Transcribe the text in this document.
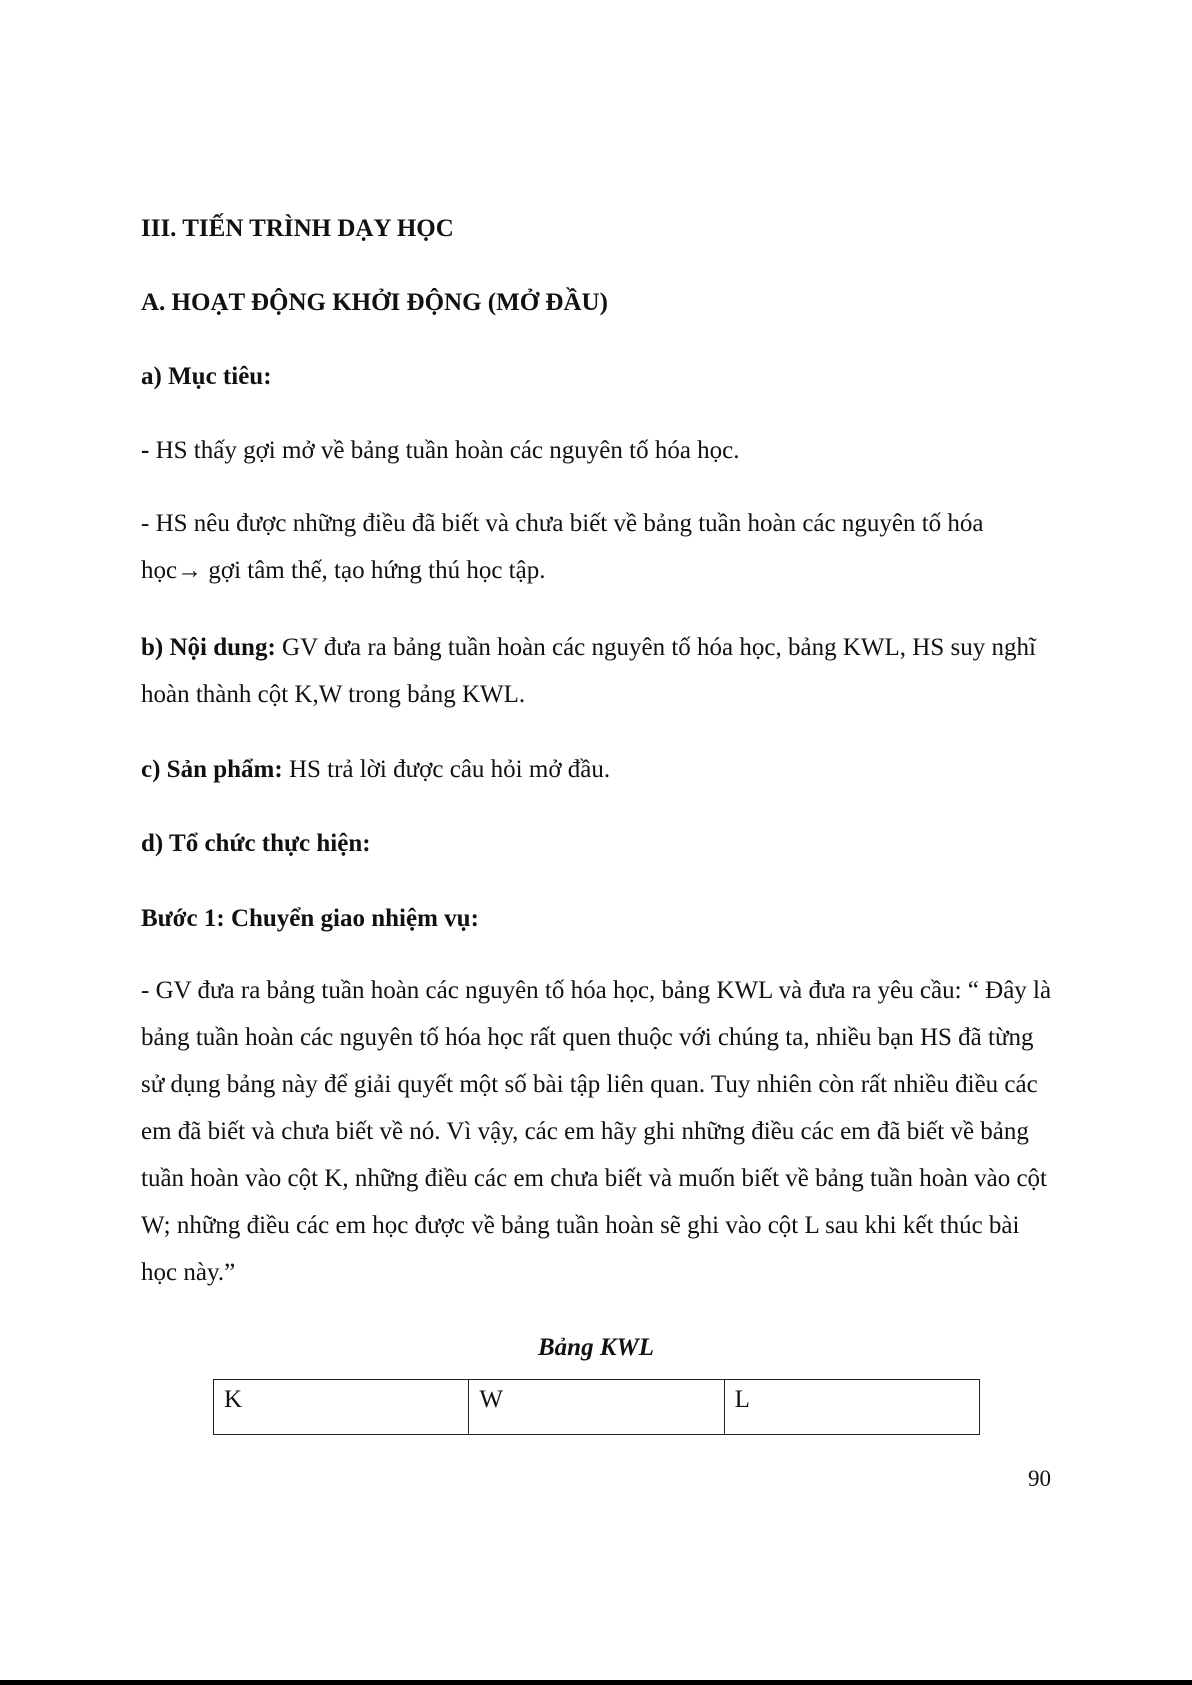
III. TIẾN TRÌNH DẠY HỌC
A. HOẠT ĐỘNG KHỞI ĐỘNG (MỞ ĐẦU)
a) Mục tiêu:
- HS thấy gợi mở về bảng tuần hoàn các nguyên tố hóa học.
- HS nêu được những điều đã biết và chưa biết về bảng tuần hoàn các nguyên tố hóa học→ gợi tâm thế, tạo hứng thú học tập.
b) Nội dung: GV đưa ra bảng tuần hoàn các nguyên tố hóa học, bảng KWL, HS suy nghĩ hoàn thành cột K,W trong bảng KWL.
c) Sản phẩm: HS trả lời được câu hỏi mở đầu.
d) Tổ chức thực hiện:
Bước 1: Chuyển giao nhiệm vụ:
- GV đưa ra bảng tuần hoàn các nguyên tố hóa học, bảng KWL và đưa ra yêu cầu: “ Đây là bảng tuần hoàn các nguyên tố hóa học rất quen thuộc với chúng ta, nhiều bạn HS đã từng sử dụng bảng này để giải quyết một số bài tập liên quan. Tuy nhiên còn rất nhiều điều các em đã biết và chưa biết về nó. Vì vậy, các em hãy ghi những điều các em đã biết về bảng tuần hoàn vào cột K, những điều các em chưa biết và muốn biết về bảng tuần hoàn vào cột W; những điều các em học được về bảng tuần hoàn sẽ ghi vào cột L sau khi kết thúc bài học này.”
Bảng KWL
K	W	L
90
